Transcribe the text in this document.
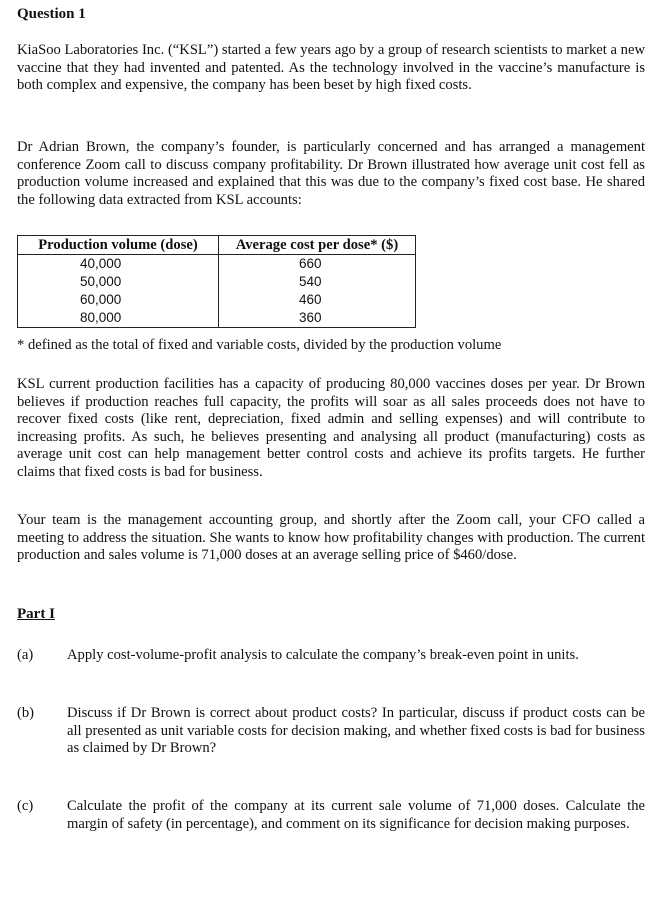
Question 1

KiaSoo Laboratories Inc. (“KSL”) started a few years ago by a group of research scientists to market a new vaccine that they had invented and patented. As the technology involved in the vaccine’s manufacture is both complex and expensive, the company has been beset by high fixed costs.

Dr Adrian Brown, the company’s founder, is particularly concerned and has arranged a management conference Zoom call to discuss company profitability. Dr Brown illustrated how average unit cost fell as production volume increased and explained that this was due to the company’s fixed cost base. He shared the following data extracted from KSL accounts:

Production volume (dose)	Average cost per dose* ($)
40,000	660
50,000	540
60,000	460
80,000	360
* defined as the total of fixed and variable costs, divided by the production volume

KSL current production facilities has a capacity of producing 80,000 vaccines doses per year. Dr Brown believes if production reaches full capacity, the profits will soar as all sales proceeds does not have to recover fixed costs (like rent, depreciation, fixed admin and selling expenses) and will contribute to increasing profits. As such, he believes presenting and analysing all product (manufacturing) costs as average unit cost can help management better control costs and achieve its profits targets. He further claims that fixed costs is bad for business.

Your team is the management accounting group, and shortly after the Zoom call, your CFO called a meeting to address the situation. She wants to know how profitability changes with production. The current production and sales volume is 71,000 doses at an average selling price of $460/dose.

Part I
(a) Apply cost-volume-profit analysis to calculate the company’s break-even point in units.
(b) Discuss if Dr Brown is correct about product costs? In particular, discuss if product costs can be all presented as unit variable costs for decision making, and whether fixed costs is bad for business as claimed by Dr Brown?
(c) Calculate the profit of the company at its current sale volume of 71,000 doses. Calculate the margin of safety (in percentage), and comment on its significance for decision making purposes.
